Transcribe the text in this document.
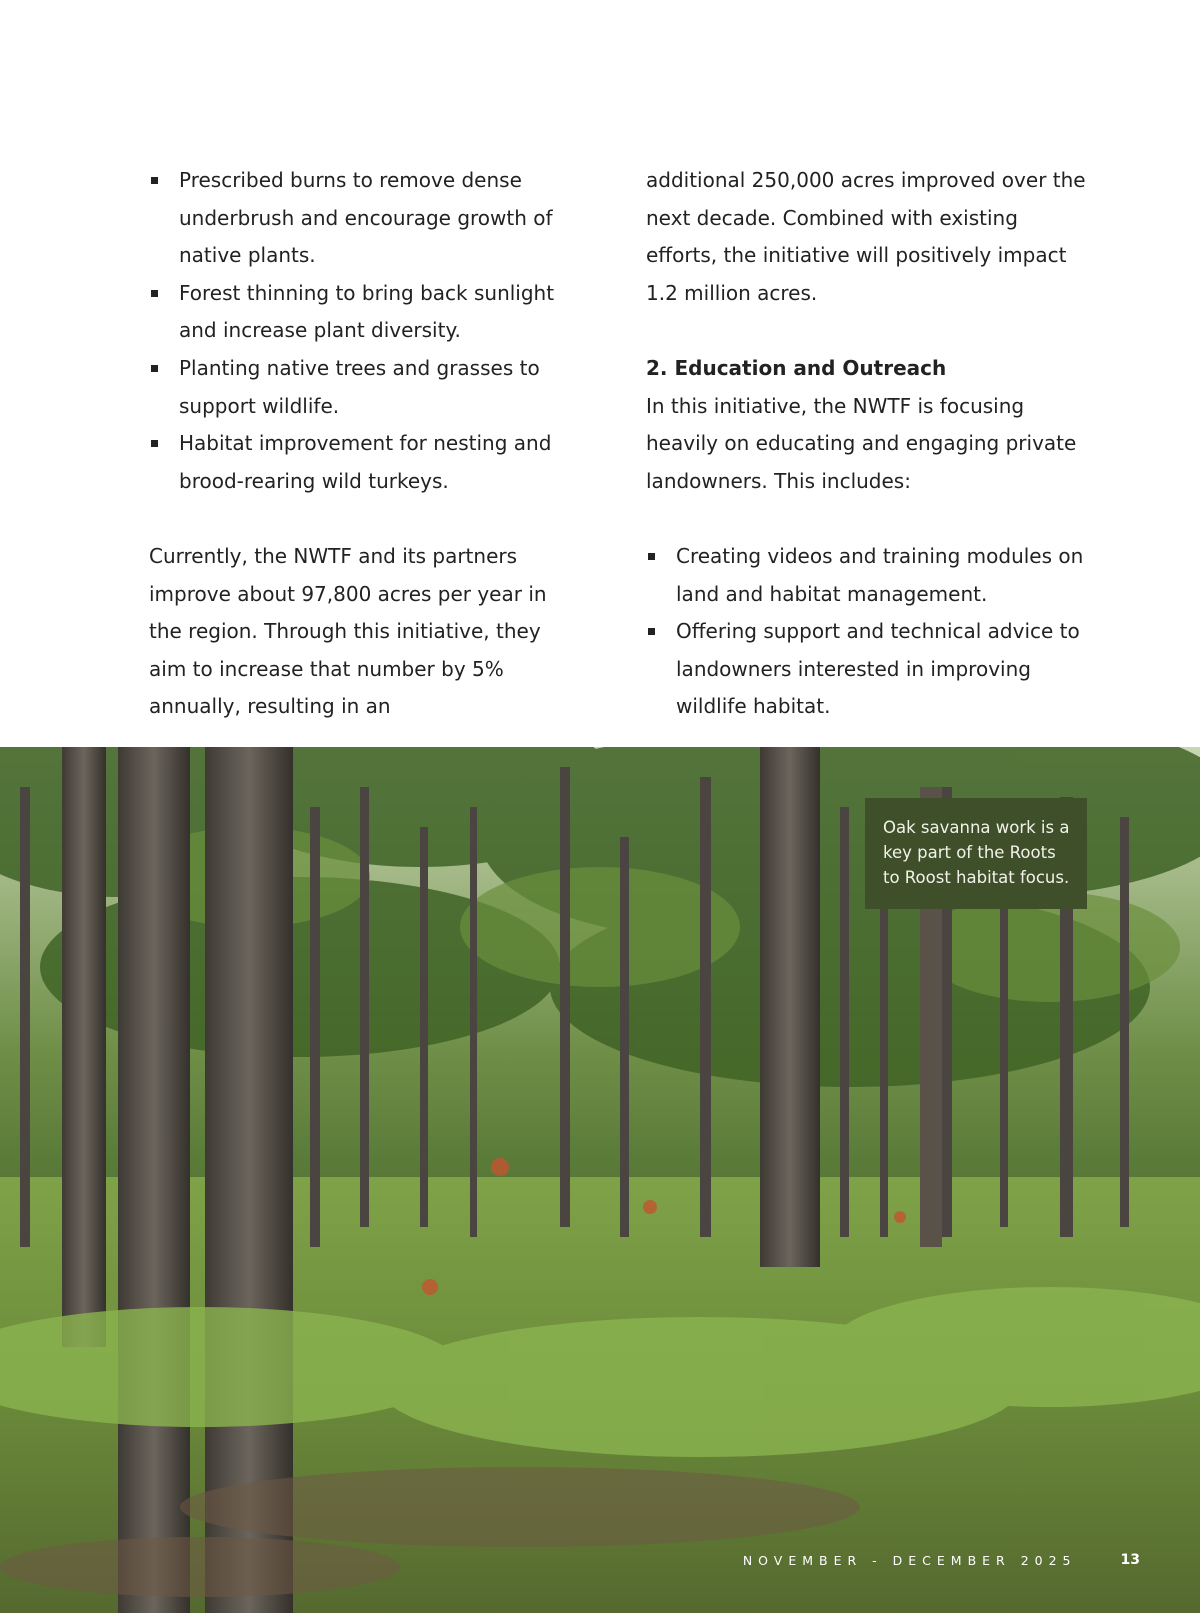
Prescribed burns to remove dense underbrush and encourage growth of native plants.
Forest thinning to bring back sunlight and increase plant diversity.
Planting native trees and grasses to support wildlife.
Habitat improvement for nesting and brood-rearing wild turkeys.

Currently, the NWTF and its partners improve about 97,800 acres per year in the region. Through this initiative, they aim to increase that number by 5% annually, resulting in an

additional 250,000 acres improved over the next decade. Combined with existing efforts, the initiative will positively impact 1.2 million acres.

2. Education and Outreach

In this initiative, the NWTF is focusing heavily on educating and engaging private landowners. This includes:

Creating videos and training modules on land and habitat management.
Offering support and technical advice to landowners interested in improving wildlife habitat.
Oak savanna work is a key part of the Roots to Roost habitat focus.
NOVEMBER - DECEMBER 2025	13
